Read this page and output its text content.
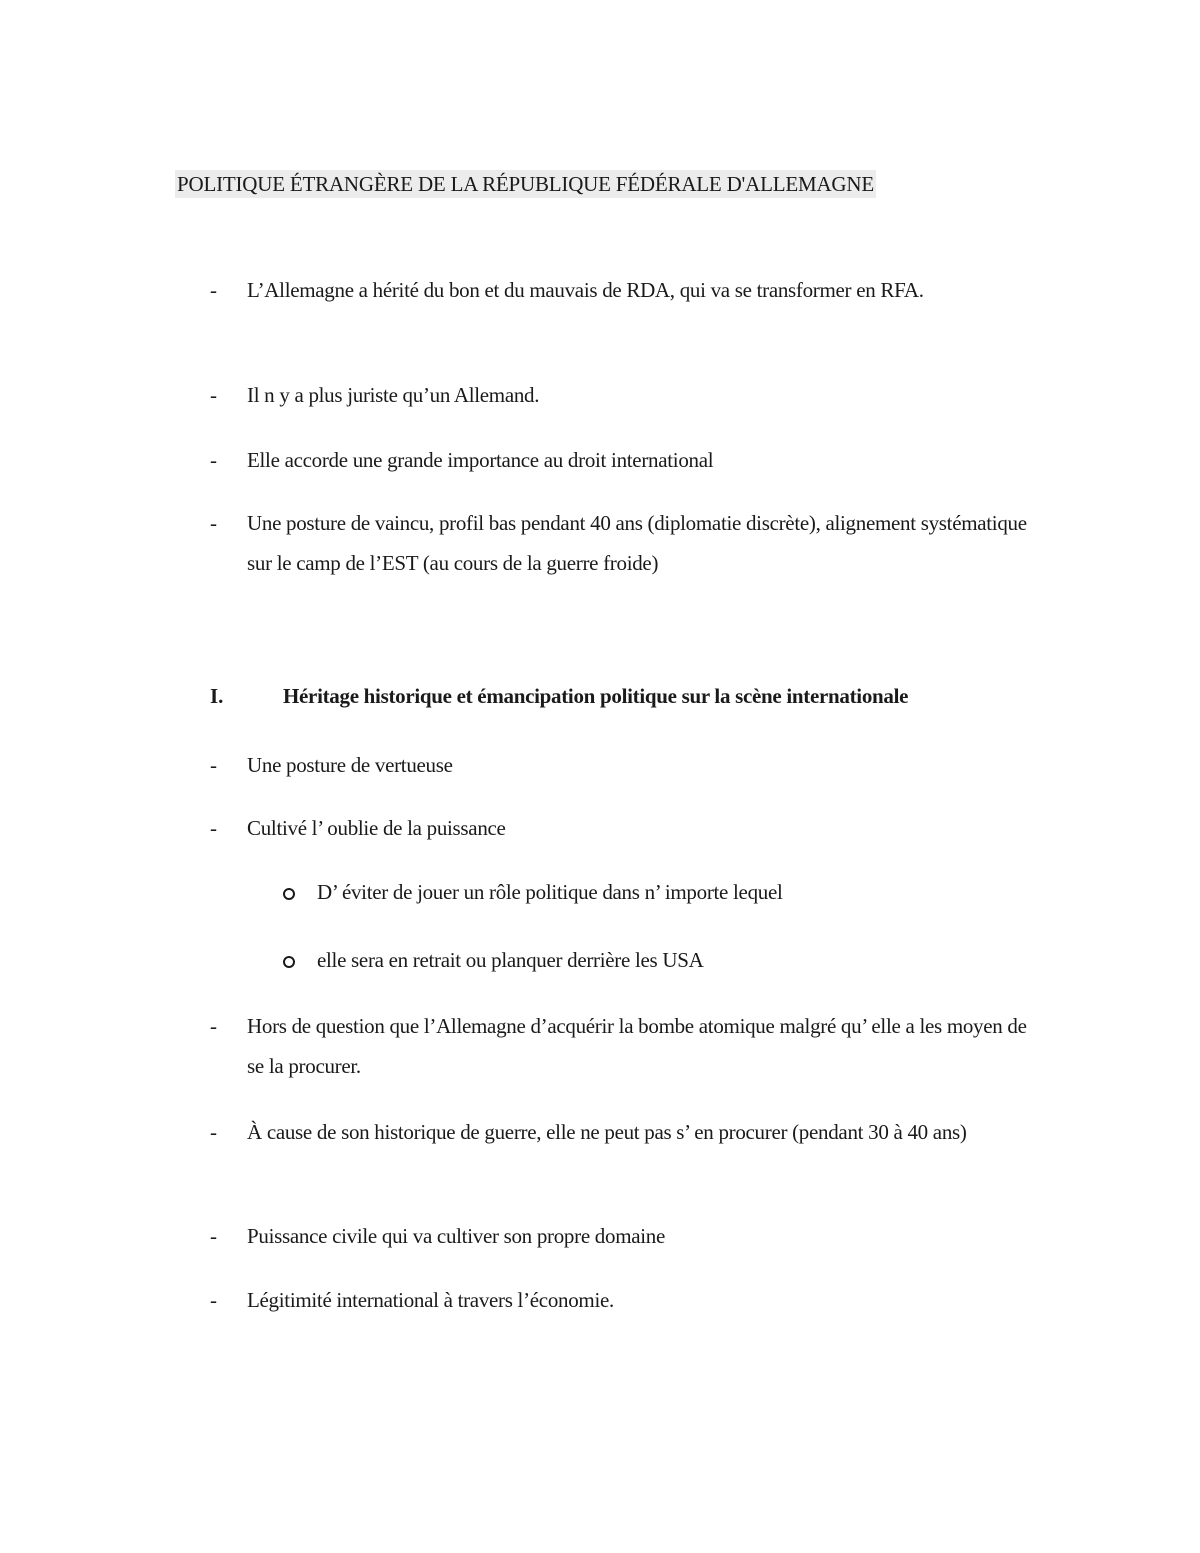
POLITIQUE ÉTRANGÈRE DE LA RÉPUBLIQUE FÉDÉRALE D'ALLEMAGNE
- L’Allemagne a hérité du bon et du mauvais de RDA, qui va se transformer en RFA.
- Il n y a plus juriste qu’un Allemand.
- Elle accorde une grande importance au droit international
- Une posture de vaincu, profil bas pendant 40 ans (diplomatie discrète), alignement systématique sur le camp de l’EST (au cours de la guerre froide)
I.	Héritage historique et émancipation politique sur la scène internationale
- Une posture de vertueuse
- Cultivé l’ oublie de la puissance
D’ éviter de jouer un rôle politique dans n’ importe lequel
elle sera en retrait ou planquer derrière les USA
- Hors de question que l’Allemagne d’acquérir la bombe atomique malgré qu’ elle a les moyen de se la procurer.
- À cause de son historique de guerre, elle ne peut pas s’ en procurer (pendant 30 à 40 ans)
- Puissance civile qui va cultiver son propre domaine
- Légitimité international à travers l’économie.
